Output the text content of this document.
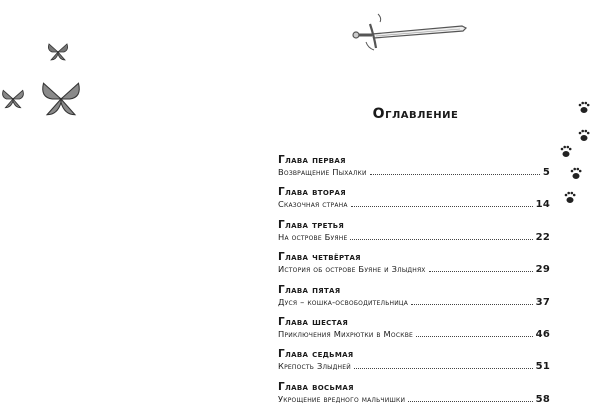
Оглавление
Глава первая
Возвращение Пыхалки	5
Глава вторая
Сказочная страна	14
Глава третья
На острове Буяне	22
Глава четвёртая
История об острове Буяне и Злыднях	29
Глава пятая
Дуся – кошка-освободительница	37
Глава шестая
Приключения Михрютки в Москве	46
Глава седьмая
Крепость Злыдней	51
Глава восьмая
Укрощение вредного мальчишки	58
